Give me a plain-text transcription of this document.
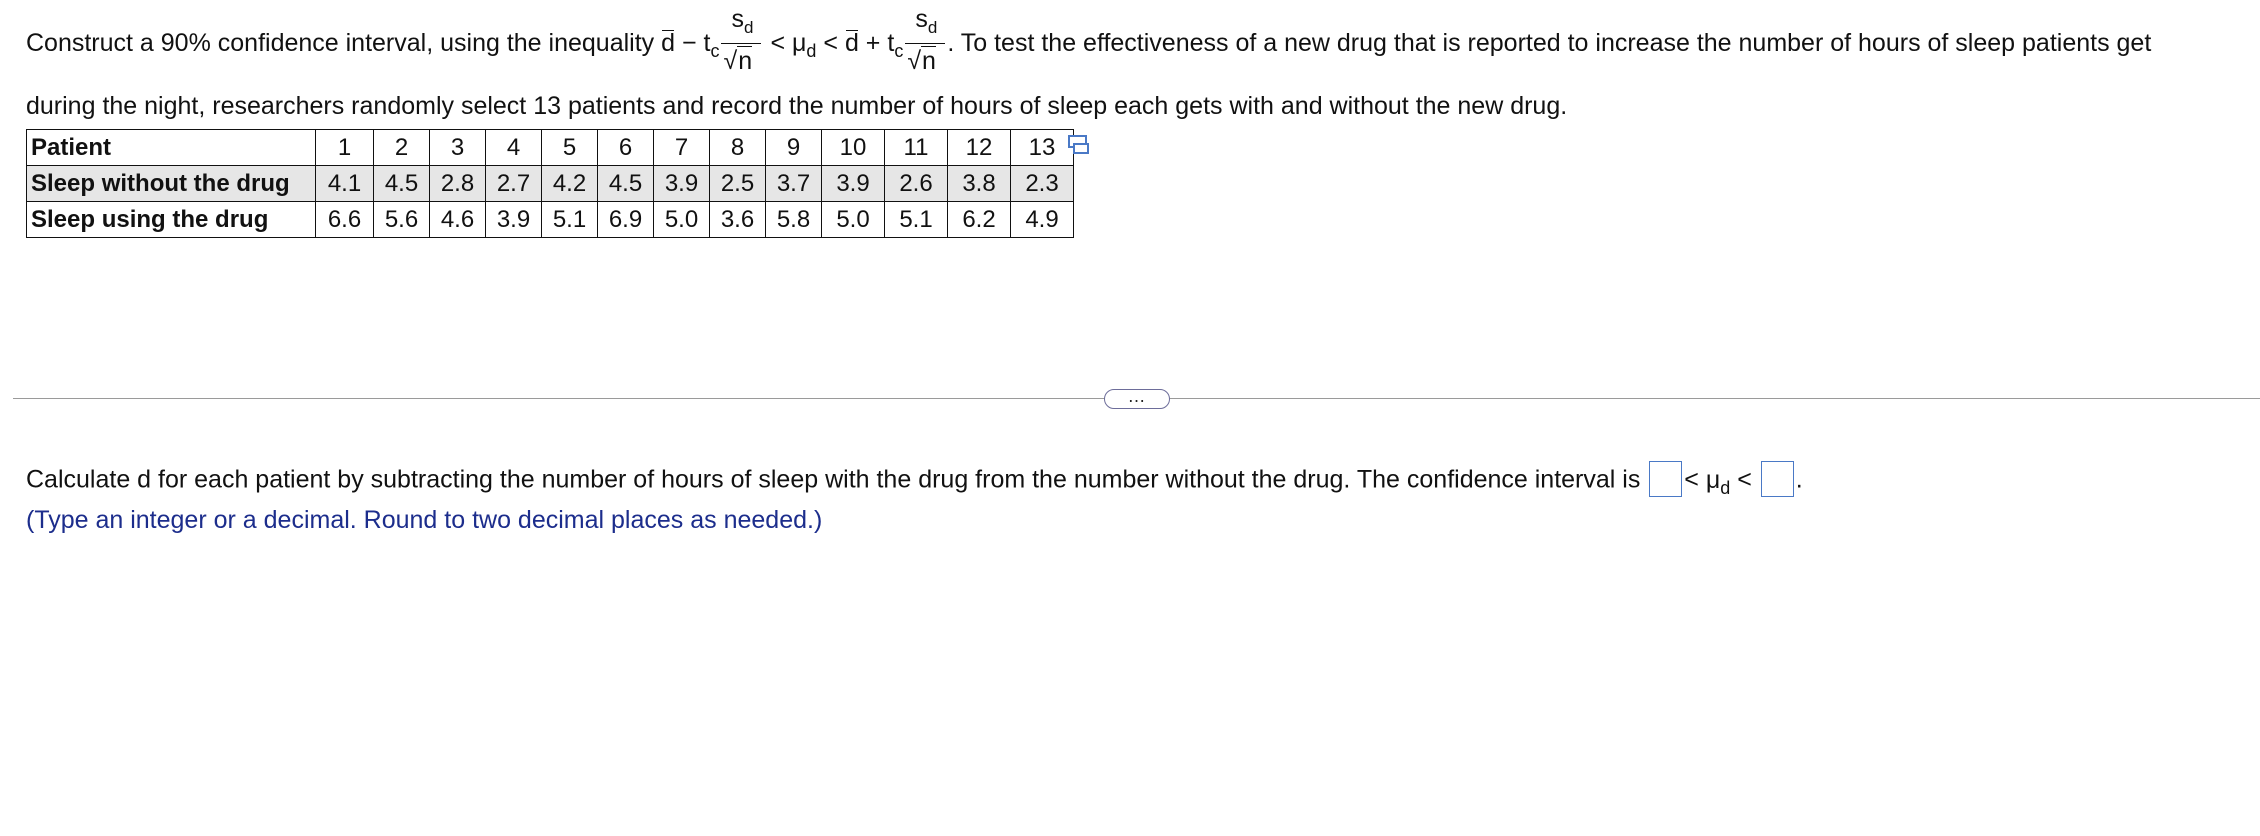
Construct a 90% confidence interval, using the inequality $d - t_c \frac{s_d}{√n} < \mu_d < d + t_c \frac{s_d}{√n}$ . To test the effectiveness of a new drug that is reported to increase the number of hours of sleep patients get
during the night, researchers randomly select 13 patients and record the number of hours of sleep each gets with and without the new drug.
Patient	1	2	3	4	5	6	7	8	9	10	11	12	13
Sleep without the drug	4.1	4.5	2.8	2.7	4.2	4.5	3.9	2.5	3.7	3.9	2.6	3.8	2.3
Sleep using the drug	6.6	5.6	4.6	3.9	5.1	6.9	5.0	3.6	5.8	5.0	5.1	6.2	4.9
…
Calculate d for each patient by subtracting the number of hours of sleep with the drug from the number without the drug. The confidence interval is < $\mu_d$ < .
(Type an integer or a decimal. Round to two decimal places as needed.)
